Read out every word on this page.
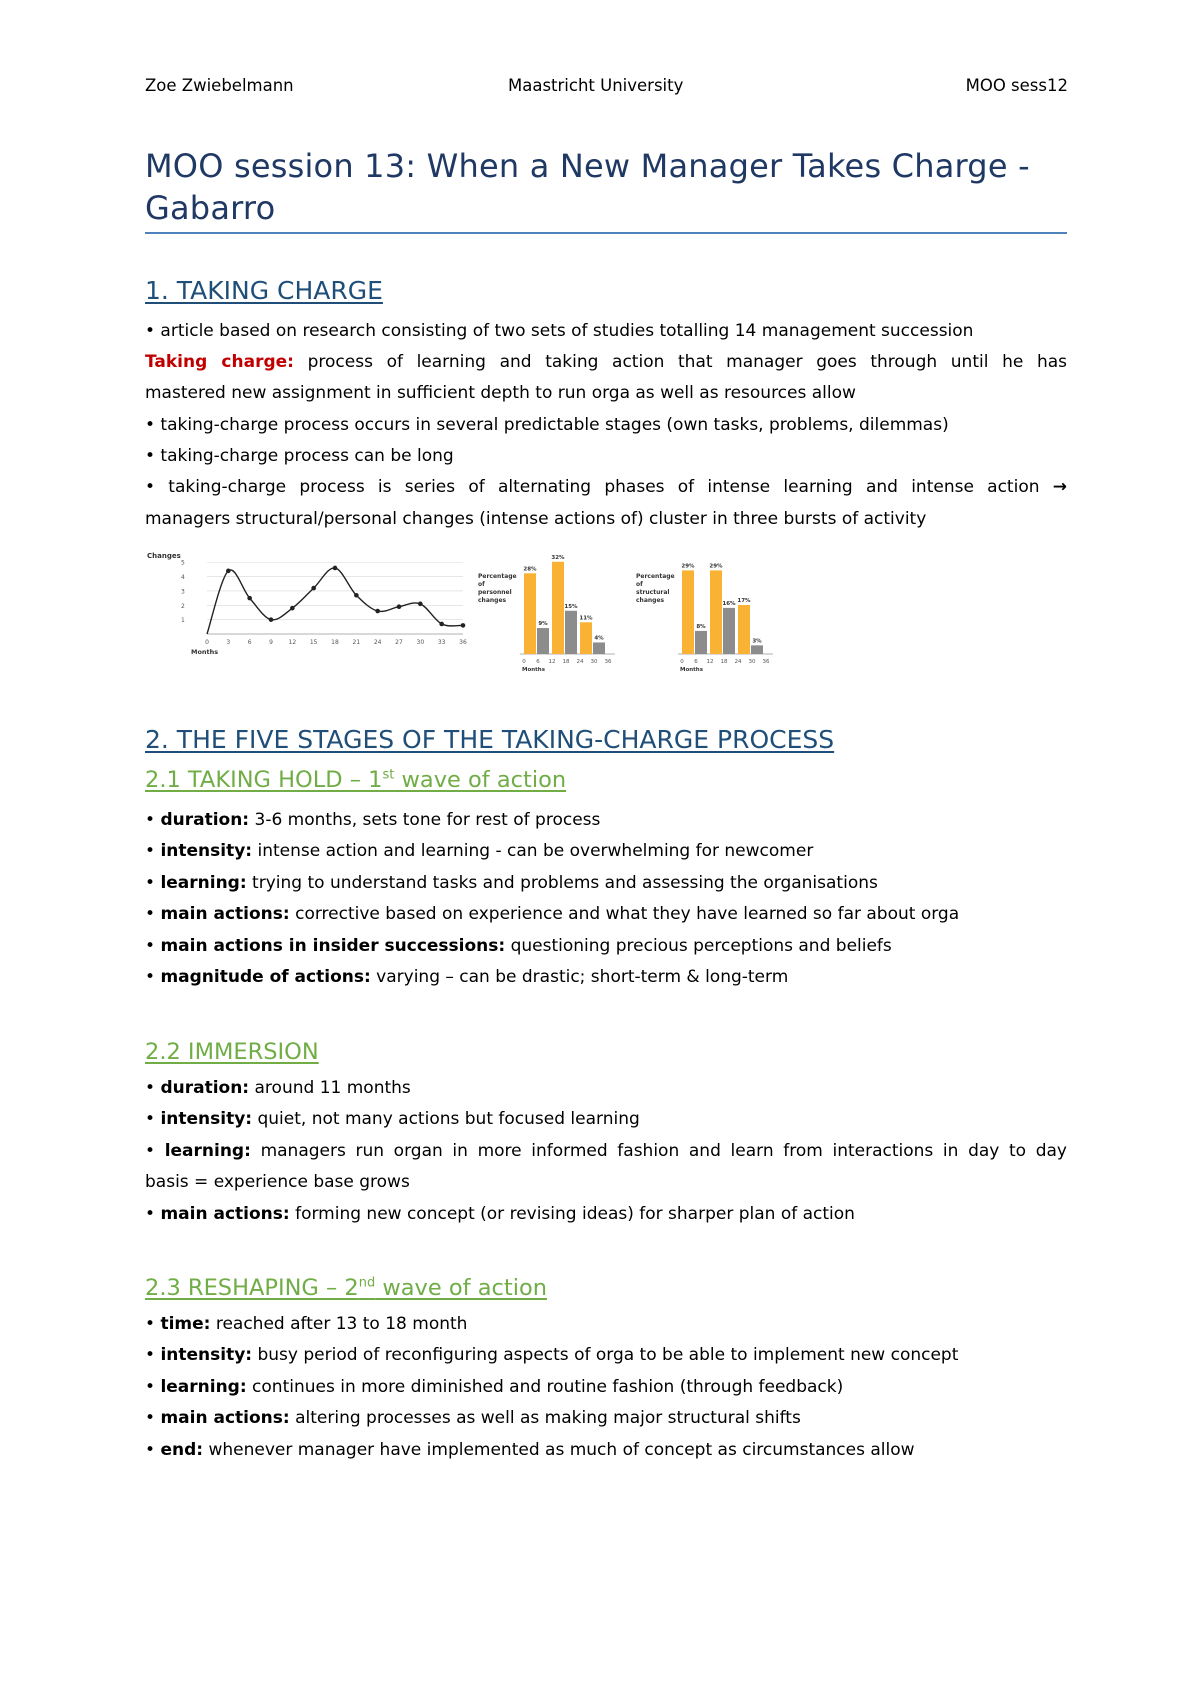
Zoe Zwiebelmann	Maastricht University	MOO sess12
MOO session 13: When a New Manager Takes Charge - Gabarro
1. TAKING CHARGE
• article based on research consisting of two sets of studies totalling 14 management succession
Taking charge: process of learning and taking action that manager goes through until he has
mastered new assignment in sufficient depth to run orga as well as resources allow
• taking-charge process occurs in several predictable stages (own tasks, problems, dilemmas)
• taking-charge process can be long
• taking-charge process is series of alternating phases of intense learning and intense action →
managers structural/personal changes (intense actions of) cluster in three bursts of activity
Changes
1
2
3
4
5
0	3	6	9	12 15 18 21 24 27 30 33 36
Months
Percentage
of
personnel
changes
28%
9%
32%
15%
11%
4%
0 6 12 18 24 30 36
Months
Percentage
of
structural
changes
29%
8%
29%
16% 17%
3%
0 6 12 18 24 30 36
Months
2. THE FIVE STAGES OF THE TAKING-CHARGE PROCESS
2.1 TAKING HOLD – 1st wave of action
• duration: 3-6 months, sets tone for rest of process
• intensity: intense action and learning - can be overwhelming for newcomer
• learning: trying to understand tasks and problems and assessing the organisations
• main actions: corrective based on experience and what they have learned so far about orga
• main actions in insider successions: questioning precious perceptions and beliefs
• magnitude of actions: varying – can be drastic; short-term & long-term
2.2 IMMERSION
• duration: around 11 months
• intensity: quiet, not many actions but focused learning
• learning: managers run organ in more informed fashion and learn from interactions in day to day
basis = experience base grows
• main actions: forming new concept (or revising ideas) for sharper plan of action
2.3 RESHAPING – 2nd wave of action
• time: reached after 13 to 18 month
• intensity: busy period of reconfiguring aspects of orga to be able to implement new concept
• learning: continues in more diminished and routine fashion (through feedback)
• main actions: altering processes as well as making major structural shifts
• end: whenever manager have implemented as much of concept as circumstances allow
